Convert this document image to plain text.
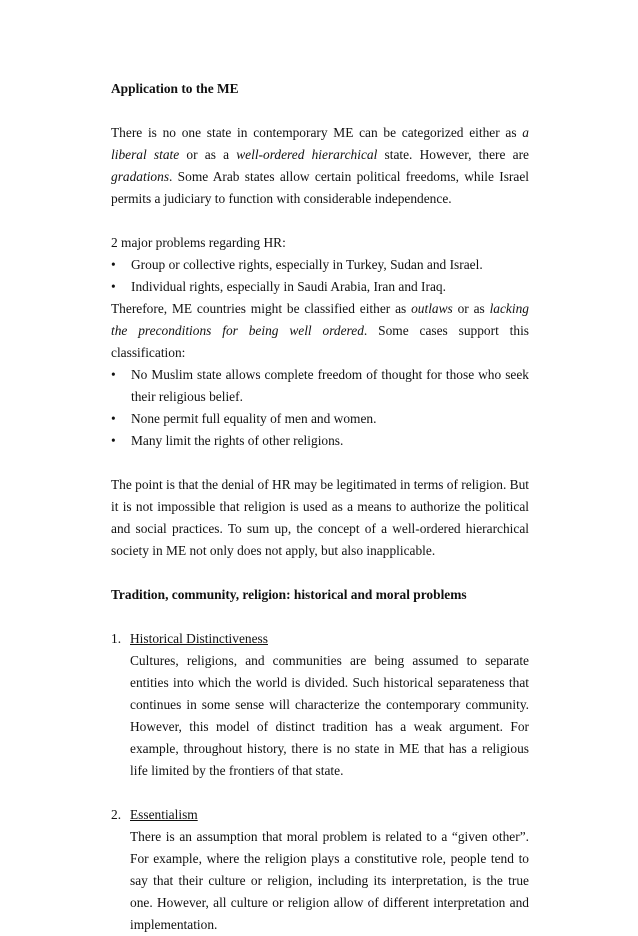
Application to the ME

There is no one state in contemporary ME can be categorized either as a liberal state or as a well-ordered hierarchical state. However, there are gradations. Some Arab states allow certain political freedoms, while Israel permits a judiciary to function with considerable independence.

2 major problems regarding HR:

• Group or collective rights, especially in Turkey, Sudan and Israel.
• Individual rights, especially in Saudi Arabia, Iran and Iraq.

Therefore, ME countries might be classified either as outlaws or as lacking the preconditions for being well ordered. Some cases support this classification:

• No Muslim state allows complete freedom of thought for those who seek their religious belief.
• None permit full equality of men and women.
• Many limit the rights of other religions.

The point is that the denial of HR may be legitimated in terms of religion. But it is not impossible that religion is used as a means to authorize the political and social practices. To sum up, the concept of a well-ordered hierarchical society in ME not only does not apply, but also inapplicable.

Tradition, community, religion: historical and moral problems
1. Historical Distinctiveness

Cultures, religions, and communities are being assumed to separate entities into which the world is divided. Such historical separateness that continues in some sense will characterize the contemporary community. However, this model of distinct tradition has a weak argument. For example, throughout history, there is no state in ME that has a religious life limited by the frontiers of that state.

2. Essentialism

There is an assumption that moral problem is related to a “given other”. For example, where the religion plays a constitutive role, people tend to say that their culture or religion, including its interpretation, is the true one. However, all culture or religion allow of different interpretation and implementation.
